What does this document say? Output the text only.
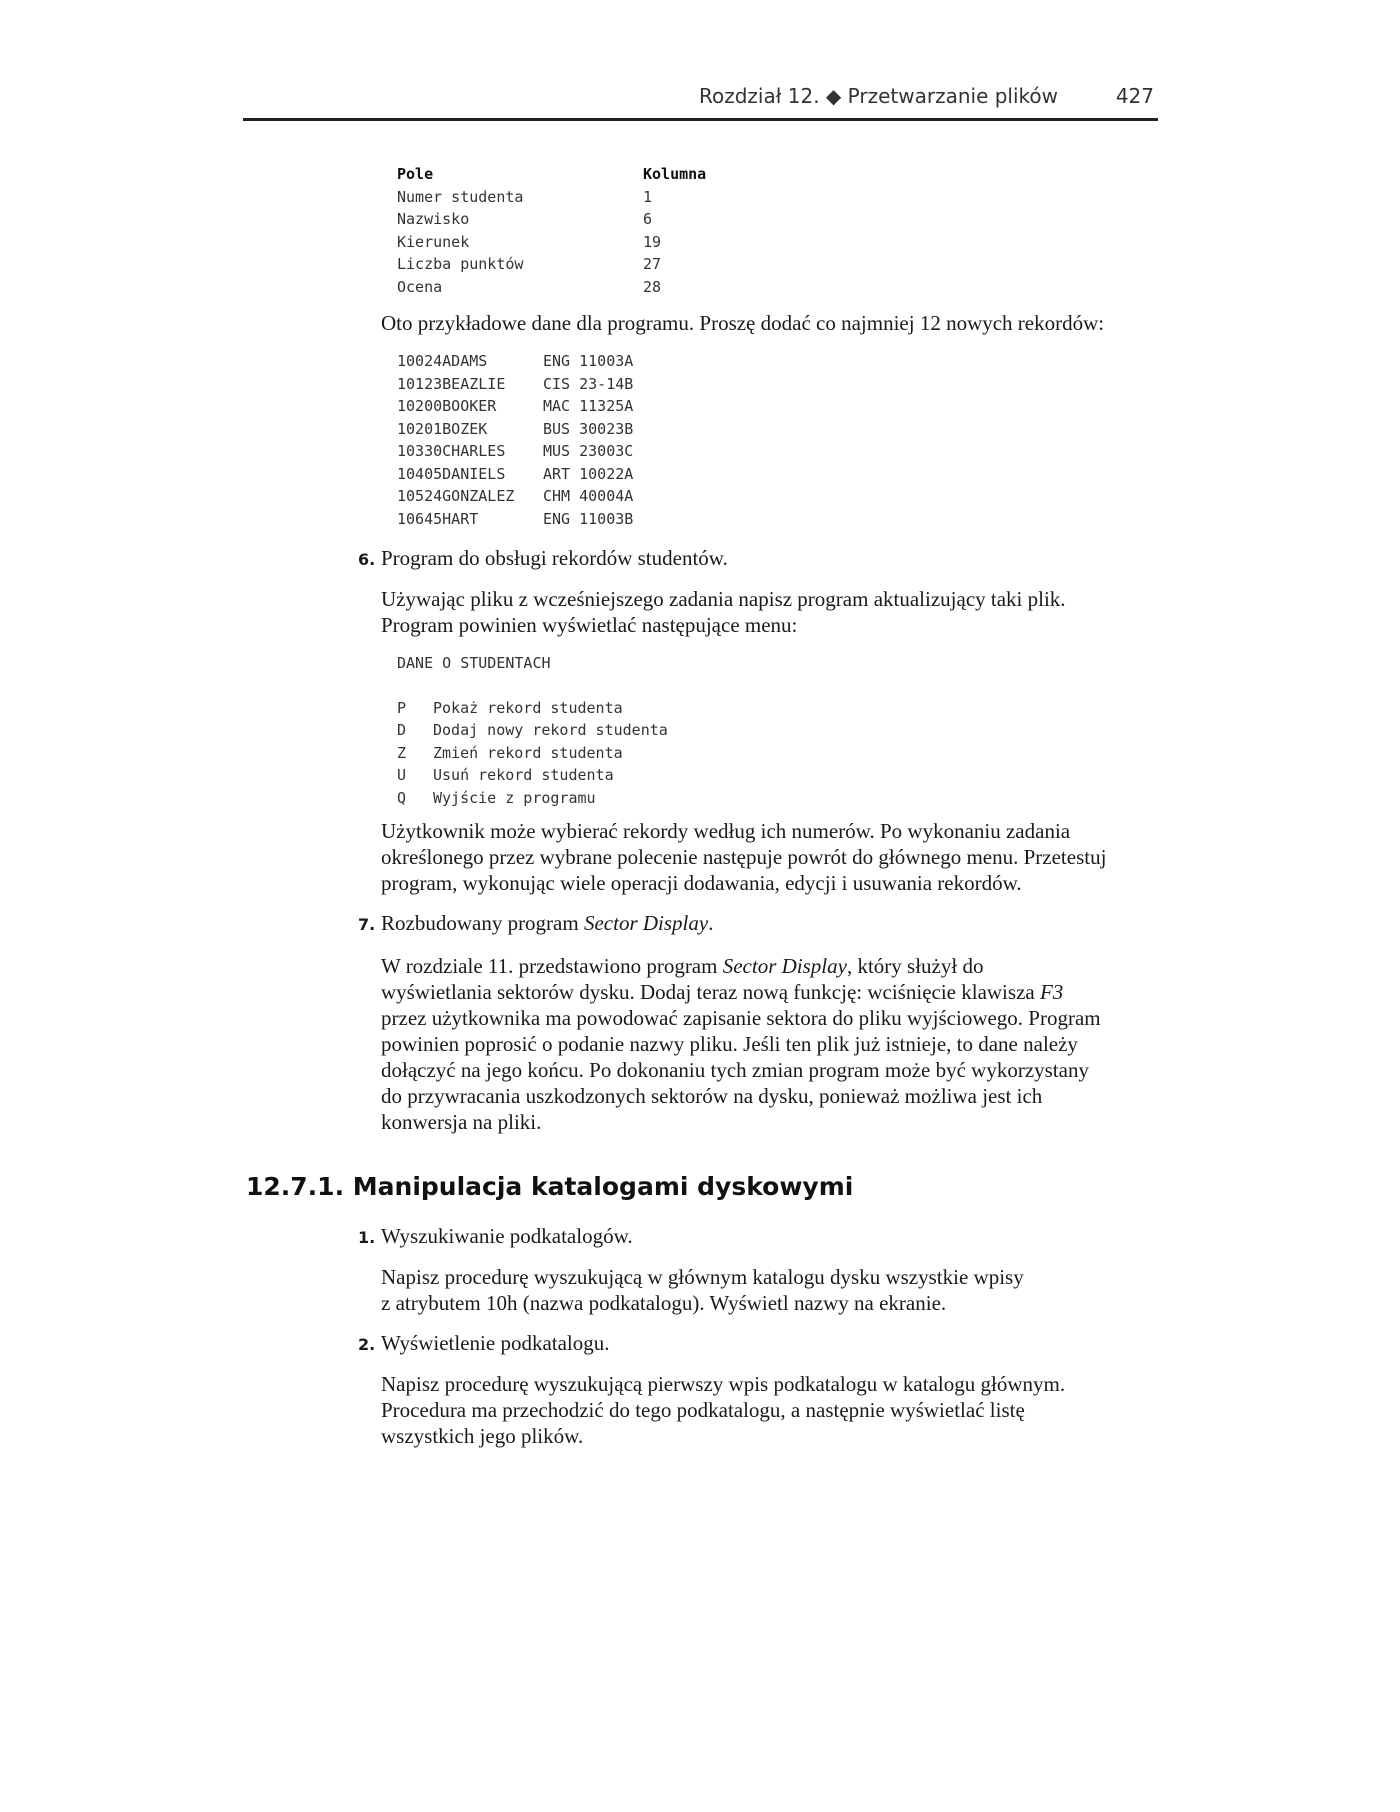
Rozdział 12. ◆ Przetwarzanie plików	427
Pole	Kolumna
Numer studenta	1
Nazwisko	6
Kierunek	19
Liczba punktów	27
Ocena	28

Oto przykładowe dane dla programu. Proszę dodać co najmniej 12 nowych rekordów:

10024ADAMS	ENG 11003A
10123BEAZLIE	CIS 23-14B
10200BOOKER	MAC 11325A
10201BOZEK	BUS 30023B
10330CHARLES	MUS 23003C
10405DANIELS	ART 10022A
10524GONZALEZ CHM 40004A
10645HART	ENG 11003B
6. Program do obsługi rekordów studentów.

Używając pliku z wcześniejszego zadania napisz program aktualizujący taki plik.
Program powinien wyświetlać następujące menu:

DANE O STUDENTACH
P Pokaż rekord studenta
D Dodaj nowy rekord studenta
Z Zmień rekord studenta
U Usuń rekord studenta
Q Wyjście z programu

Użytkownik może wybierać rekordy według ich numerów. Po wykonaniu zadania
określonego przez wybrane polecenie następuje powrót do głównego menu. Przetestuj
program, wykonując wiele operacji dodawania, edycji i usuwania rekordów.

7. Rozbudowany program Sector Display.

W rozdziale 11. przedstawiono program Sector Display, który służył do
wyświetlania sektorów dysku. Dodaj teraz nową funkcję: wciśnięcie klawisza F3
przez użytkownika ma powodować zapisanie sektora do pliku wyjściowego. Program
powinien poprosić o podanie nazwy pliku. Jeśli ten plik już istnieje, to dane należy
dołączyć na jego końcu. Po dokonaniu tych zmian program może być wykorzystany
do przywracania uszkodzonych sektorów na dysku, ponieważ możliwa jest ich
konwersja na pliki.

12.7.1. Manipulacja katalogami dyskowymi
1. Wyszukiwanie podkatalogów.

Napisz procedurę wyszukującą w głównym katalogu dysku wszystkie wpisy
z atrybutem 10h (nazwa podkatalogu). Wyświetl nazwy na ekranie.

2. Wyświetlenie podkatalogu.

Napisz procedurę wyszukującą pierwszy wpis podkatalogu w katalogu głównym.
Procedura ma przechodzić do tego podkatalogu, a następnie wyświetlać listę
wszystkich jego plików.
